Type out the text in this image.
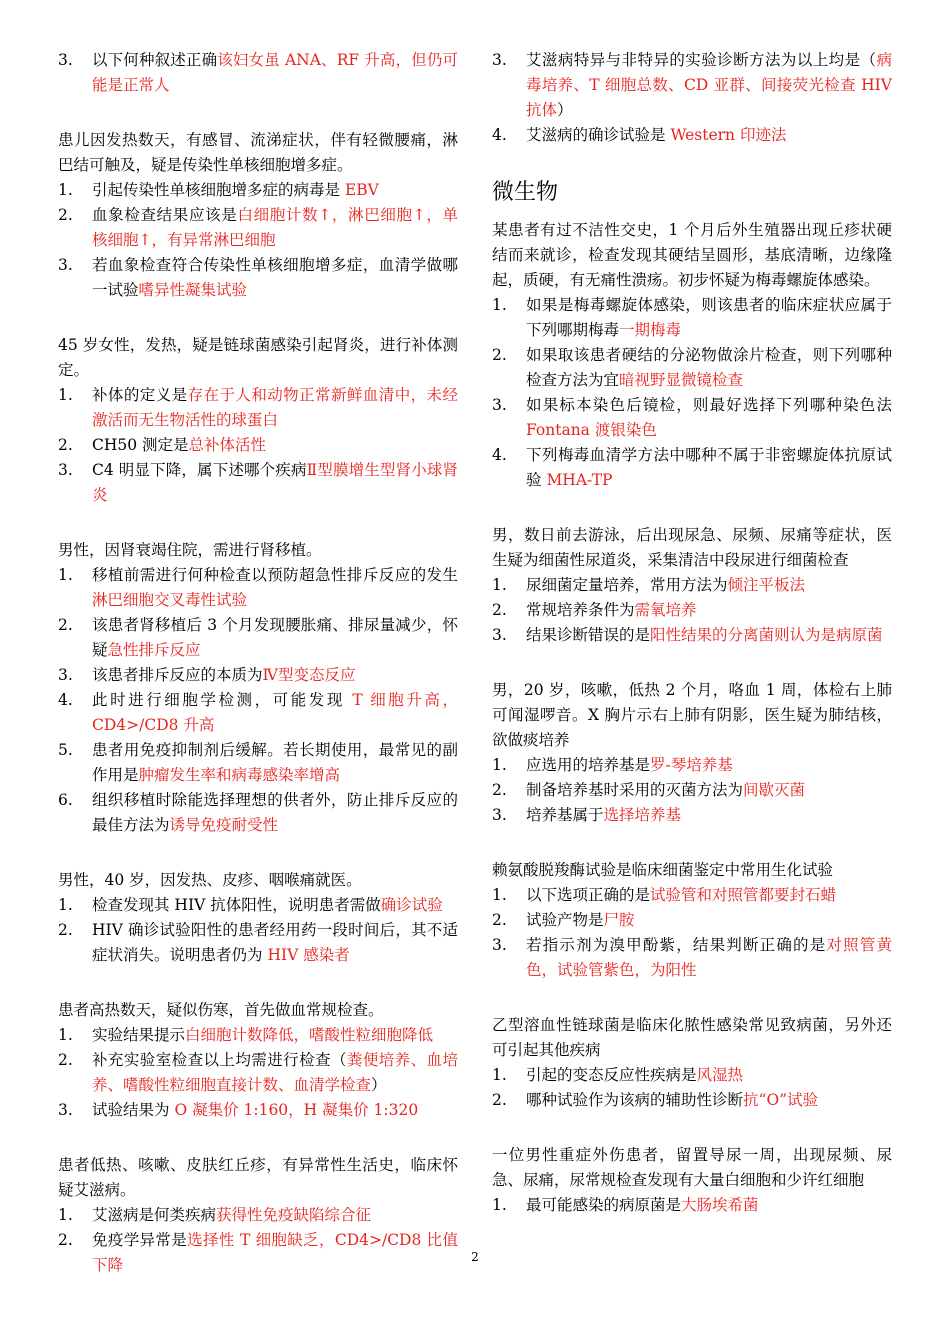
3. 以下何种叙述正确该妇女虽 ANA、RF 升高，但仍可能是正常人

患儿因发热数天，有感冒、流涕症状，伴有轻微腰痛，淋巴结可触及，疑是传染性单核细胞增多症。

1. 引起传染性单核细胞增多症的病毒是 EBV
2. 血象检查结果应该是白细胞计数↑，淋巴细胞↑，单核细胞↑，有异常淋巴细胞
3. 若血象检查符合传染性单核细胞增多症，血清学做哪一试验嗜异性凝集试验

45 岁女性，发热，疑是链球菌感染引起肾炎，进行补体测定。

1. 补体的定义是存在于人和动物正常新鲜血清中，未经激活而无生物活性的球蛋白
2. CH50 测定是总补体活性
3. C4 明显下降，属下述哪个疾病Ⅱ型膜增生型肾小球肾炎

男性，因肾衰竭住院，需进行肾移植。

1. 移植前需进行何种检查以预防超急性排斥反应的发生淋巴细胞交叉毒性试验
2. 该患者肾移植后 3 个月发现腰胀痛、排尿量减少，怀疑急性排斥反应
3. 该患者排斥反应的本质为Ⅳ型变态反应
4. 此时进行细胞学检测，可能发现 T 细胞升高，CD4>/CD8 升高
5. 患者用免疫抑制剂后缓解。若长期使用，最常见的副作用是肿瘤发生率和病毒感染率增高
6. 组织移植时除能选择理想的供者外，防止排斥反应的最佳方法为诱导免疫耐受性

男性，40 岁，因发热、皮疹、咽喉痛就医。

1. 检查发现其 HIV 抗体阳性，说明患者需做确诊试验
2. HIV 确诊试验阳性的患者经用药一段时间后，其不适症状消失。说明患者仍为 HIV 感染者

患者高热数天，疑似伤寒，首先做血常规检查。

1. 实验结果提示白细胞计数降低，嗜酸性粒细胞降低
2. 补充实验室检查以上均需进行检查（粪便培养、血培养、嗜酸性粒细胞直接计数、血清学检查）
3. 试验结果为 O 凝集价 1:160，H 凝集价 1:320

患者低热、咳嗽、皮肤红丘疹，有异常性生活史，临床怀疑艾滋病。

1. 艾滋病是何类疾病获得性免疫缺陷综合征
2. 免疫学异常是选择性 T 细胞缺乏，CD4>/CD8 比值下降
3. 艾滋病特异与非特异的实验诊断方法为以上均是（病毒培养、T 细胞总数、CD 亚群、间接荧光检查 HIV 抗体）
4. 艾滋病的确诊试验是 Western 印迹法
微生物

某患者有过不洁性交史，1 个月后外生殖器出现丘疹状硬结而来就诊，检查发现其硬结呈圆形，基底清晰，边缘隆起，质硬，有无痛性溃疡。初步怀疑为梅毒螺旋体感染。

1. 如果是梅毒螺旋体感染，则该患者的临床症状应属于下列哪期梅毒一期梅毒
2. 如果取该患者硬结的分泌物做涂片检查，则下列哪种检查方法为宜暗视野显微镜检查
3. 如果标本染色后镜检，则最好选择下列哪种染色法 Fontana 渡银染色
4. 下列梅毒血清学方法中哪种不属于非密螺旋体抗原试验 MHA-TP

男，数日前去游泳，后出现尿急、尿频、尿痛等症状，医生疑为细菌性尿道炎，采集清洁中段尿进行细菌检查

1. 尿细菌定量培养，常用方法为倾注平板法
2. 常规培养条件为需氧培养
3. 结果诊断错误的是阳性结果的分离菌则认为是病原菌

男，20 岁，咳嗽，低热 2 个月，咯血 1 周，体检右上肺可闻湿啰音。X 胸片示右上肺有阴影，医生疑为肺结核，欲做痰培养

1. 应选用的培养基是罗-琴培养基
2. 制备培养基时采用的灭菌方法为间歇灭菌
3. 培养基属于选择培养基

赖氨酸脱羧酶试验是临床细菌鉴定中常用生化试验

1. 以下选项正确的是试验管和对照管都要封石蜡
2. 试验产物是尸胺
3. 若指示剂为溴甲酚紫，结果判断正确的是对照管黄色，试验管紫色，为阳性

乙型溶血性链球菌是临床化脓性感染常见致病菌，另外还可引起其他疾病

1. 引起的变态反应性疾病是风湿热
2. 哪种试验作为该病的辅助性诊断抗“O”试验

一位男性重症外伤患者，留置导尿一周，出现尿频、尿急、尿痛，尿常规检查发现有大量白细胞和少许红细胞

1. 最可能感染的病原菌是大肠埃希菌
2
